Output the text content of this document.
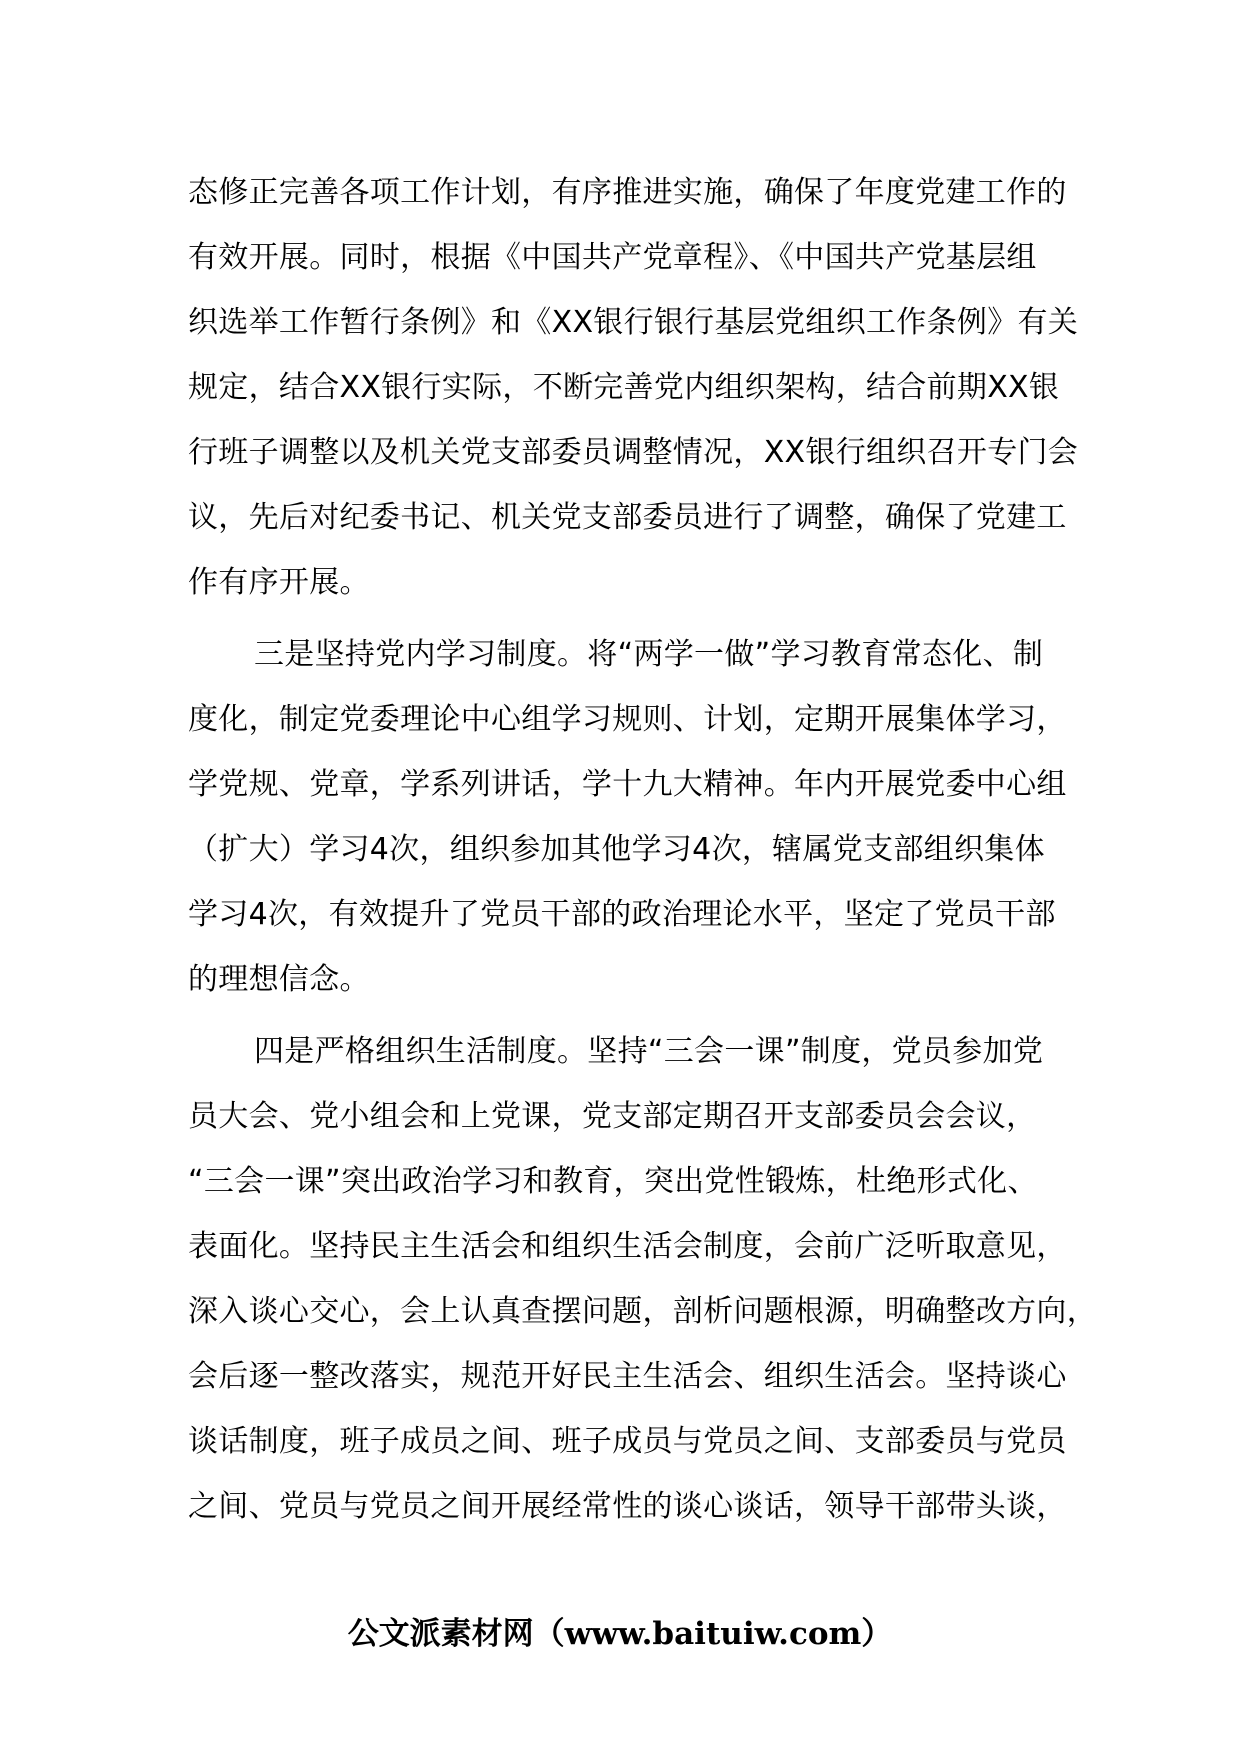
态修正完善各项工作计划，有序推进实施，确保了年度党建工作的
有效开展。同时，根据《中国共产党章程》、《中国共产党基层组
织选举工作暂行条例》和《XX银行银行基层党组织工作条例》有关
规定，结合XX银行实际，不断完善党内组织架构，结合前期XX银
行班子调整以及机关党支部委员调整情况，XX银行组织召开专门会
议，先后对纪委书记、机关党支部委员进行了调整，确保了党建工
作有序开展。
三是坚持党内学习制度。将“两学一做”学习教育常态化、制
度化，制定党委理论中心组学习规则、计划，定期开展集体学习，
学党规、党章，学系列讲话，学十九大精神。年内开展党委中心组
（扩大）学习4次，组织参加其他学习4次，辖属党支部组织集体
学习4次，有效提升了党员干部的政治理论水平，坚定了党员干部
的理想信念。
四是严格组织生活制度。坚持“三会一课”制度，党员参加党
员大会、党小组会和上党课，党支部定期召开支部委员会会议，
“三会一课”突出政治学习和教育，突出党性锻炼，杜绝形式化、
表面化。坚持民主生活会和组织生活会制度，会前广泛听取意见，
深入谈心交心，会上认真查摆问题，剖析问题根源，明确整改方向，
会后逐一整改落实，规范开好民主生活会、组织生活会。坚持谈心
谈话制度，班子成员之间、班子成员与党员之间、支部委员与党员
之间、党员与党员之间开展经常性的谈心谈话，领导干部带头谈，
公文派素材网（www.baituiw.com）
